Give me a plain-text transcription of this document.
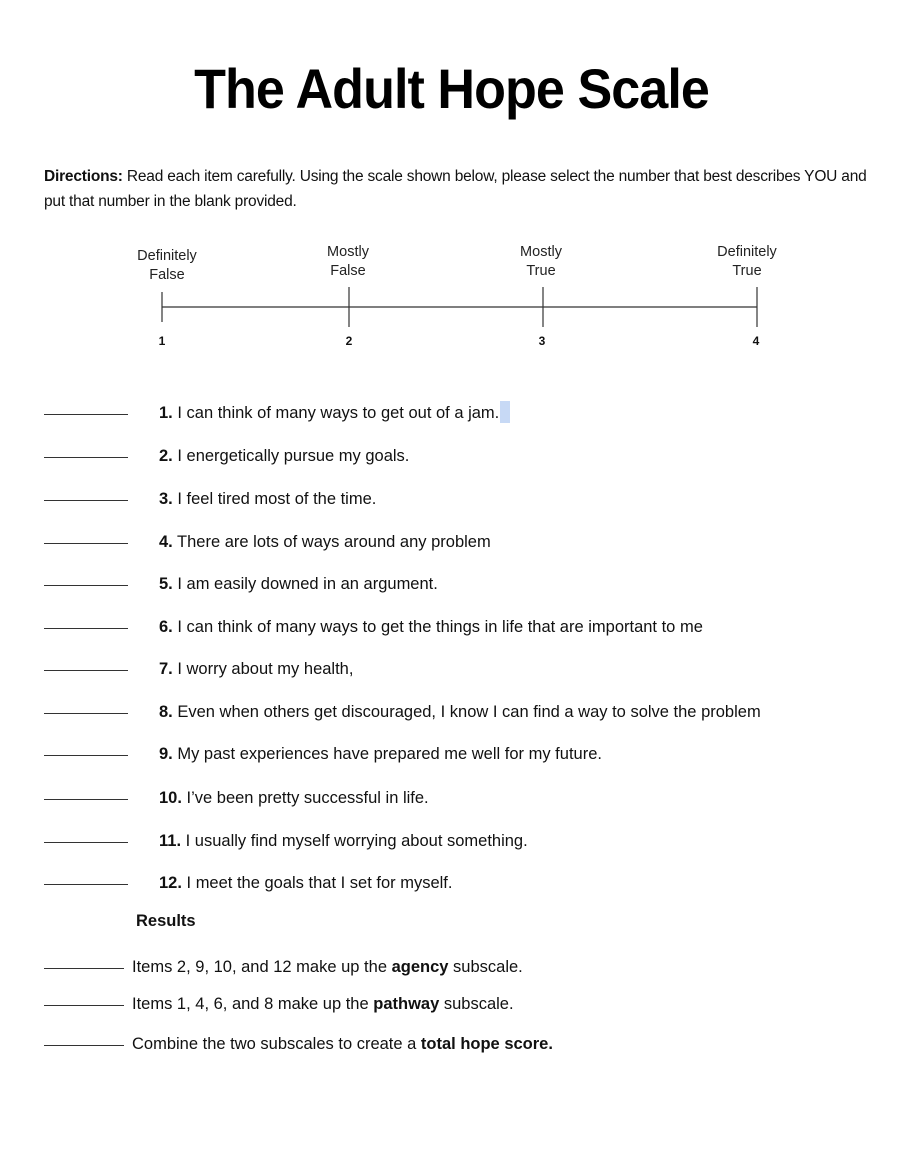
The Adult Hope Scale
Directions: Read each item carefully. Using the scale shown below, please select the number that best describes YOU and put that number in the blank provided.
Definitely
False
Mostly
False
Mostly
True
Definitely
True
1	2	3	4
1. I can think of many ways to get out of a jam.
2. I energetically pursue my goals.
3. I feel tired most of the time.
4. There are lots of ways around any problem
5. I am easily downed in an argument.
6. I can think of many ways to get the things in life that are important to me
7. I worry about my health,
8. Even when others get discouraged, I know I can find a way to solve the problem
9. My past experiences have prepared me well for my future.
10. I’ve been pretty successful in life.
11. I usually find myself worrying about something.
12. I meet the goals that I set for myself.
Results
Items 2, 9, 10, and 12 make up the agency subscale.
Items 1, 4, 6, and 8 make up the pathway subscale.
Combine the two subscales to create a total hope score.
